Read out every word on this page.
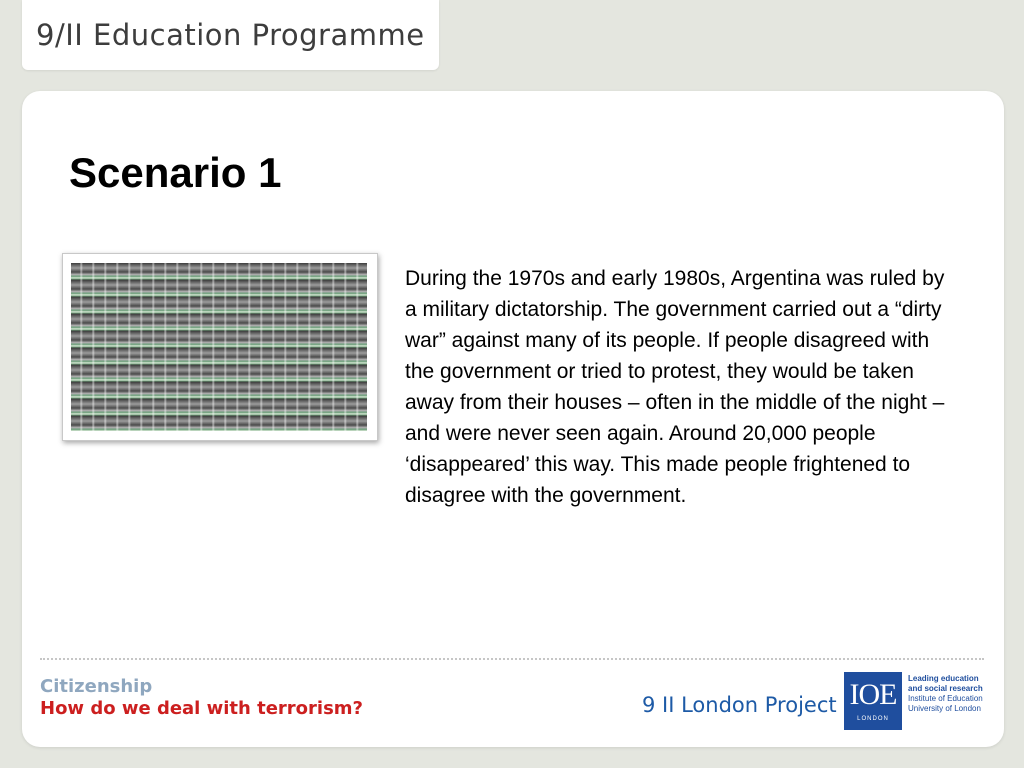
9/II Education Programme
Scenario 1
During the 1970s and early 1980s, Argentina was ruled by a military dictatorship. The government carried out a “dirty war” against many of its people. If people disagreed with the government or tried to protest, they would be taken away from their houses – often in the middle of the night – and were never seen again. Around 20,000 people ‘disappeared’ this way. This made people frightened to disagree with the government.
Citizenship
How do we deal with terrorism?	9 II London Project IOE
LONDON
Leading education
and social research
Institute of Education
University of London
